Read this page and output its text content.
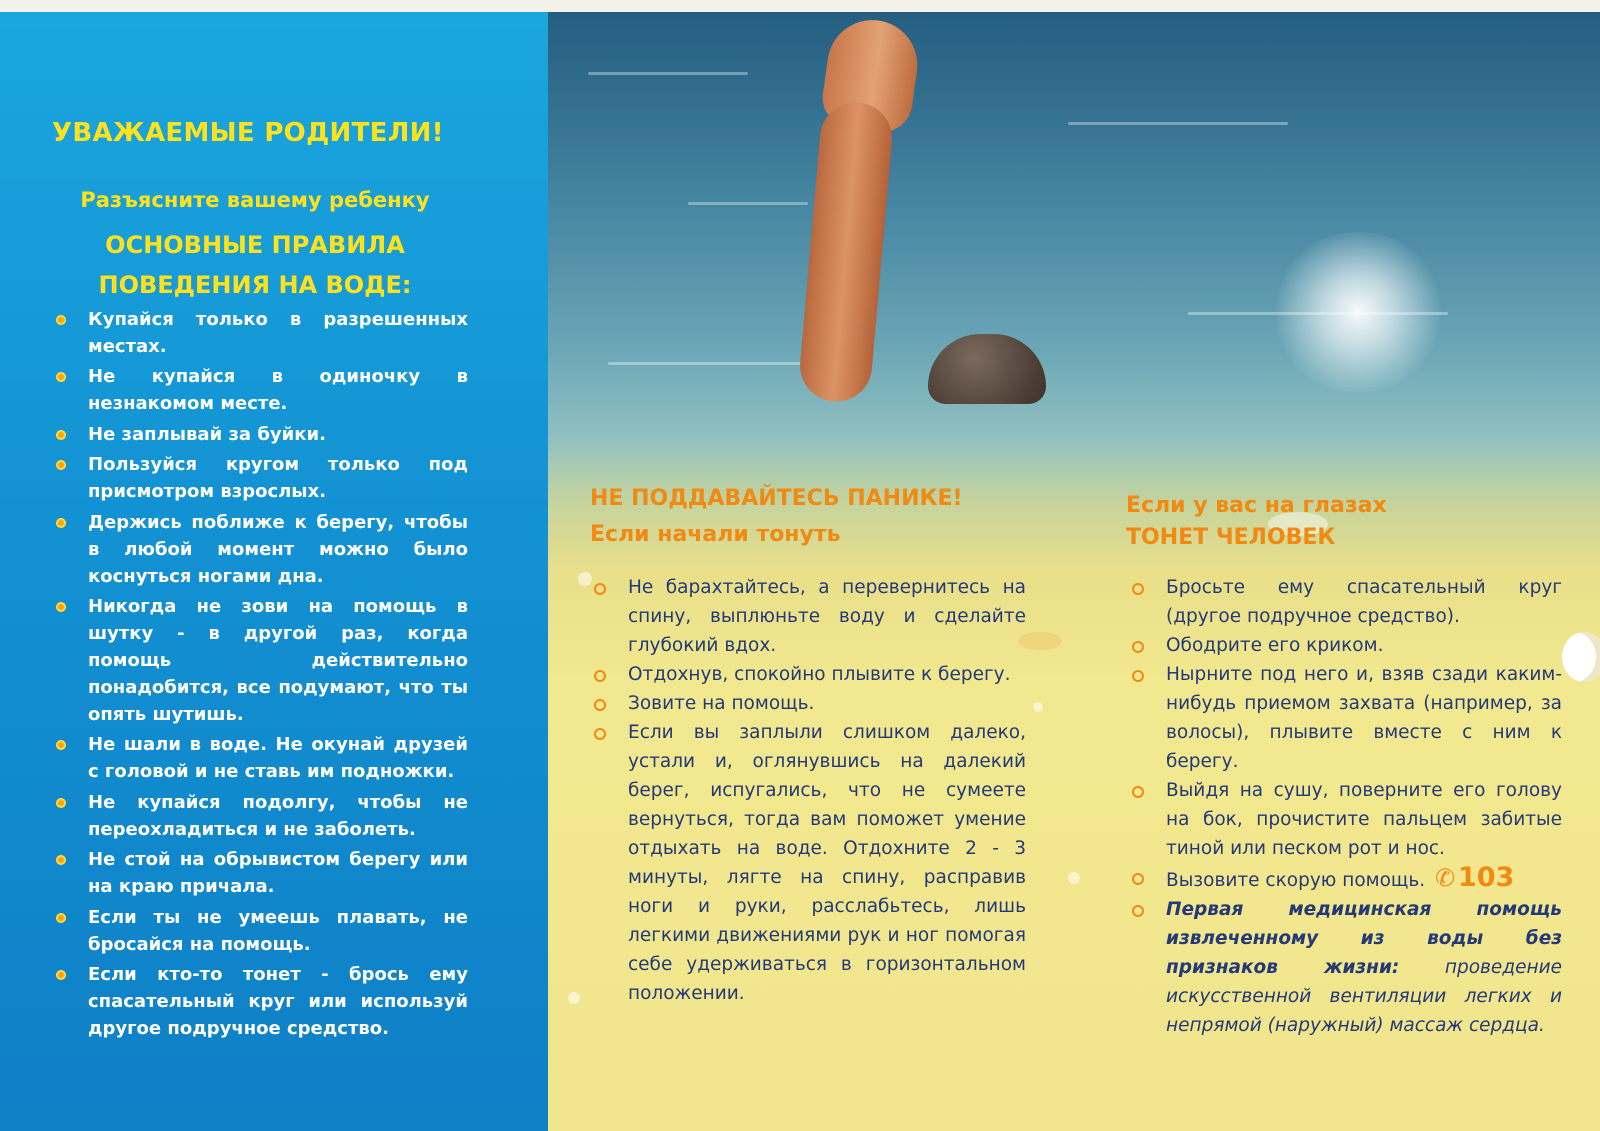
УВАЖАЕМЫЕ РОДИТЕЛИ!
Разъясните вашему ребенку
ОСНОВНЫЕ ПРАВИЛА
ПОВЕДЕНИЯ НА ВОДЕ:
Купайся только в разрешенных местах.
Не купайся в одиночку в незнакомом месте.
Не заплывай за буйки.
Пользуйся кругом только под присмотром взрослых.
Держись поближе к берегу, чтобы в любой момент можно было коснуться ногами дна.
Никогда не зови на помощь в шутку - в другой раз, когда помощь действительно понадобится, все подумают, что ты опять шутишь.
Не шали в воде. Не окунай друзей с головой и не ставь им подножки.
Не купайся подолгу, чтобы не переохладиться и не заболеть.
Не стой на обрывистом берегу или на краю причала.
Если ты не умеешь плавать, не бросайся на помощь.
Если кто-то тонет - брось ему спасательный круг или используй другое подручное средство.
НЕ ПОДДАВАЙТЕСЬ ПАНИКЕ!
Если начали тонуть
Не барахтайтесь, а перевернитесь на спину, выплюньте воду и сделайте глубокий вдох.
Отдохнув, спокойно плывите к берегу.
Зовите на помощь.
Если вы заплыли слишком далеко, устали и, оглянувшись на далекий берег, испугались, что не сумеете вернуться, тогда вам поможет умение отдыхать на воде. Отдохните 2 - 3 минуты, лягте на спину, расправив ноги и руки, расслабьтесь, лишь легкими движениями рук и ног помогая себе удерживаться в горизонтальном положении.
Если у вас на глазах
ТОНЕТ ЧЕЛОВЕК
Бросьте ему спасательный круг (другое подручное средство).
Ободрите его криком.
Нырните под него и, взяв сзади каким-нибудь приемом захвата (например, за волосы), плывите вместе с ним к берегу.
Выйдя на сушу, поверните его голову на бок, прочистите пальцем забитые тиной или песком рот и нос.
Вызовите скорую помощь. ✆  103
Первая медицинская помощь извлеченному из воды без признаков жизни: проведение искусственной вентиляции легких и непрямой (наружный) массаж сердца.
